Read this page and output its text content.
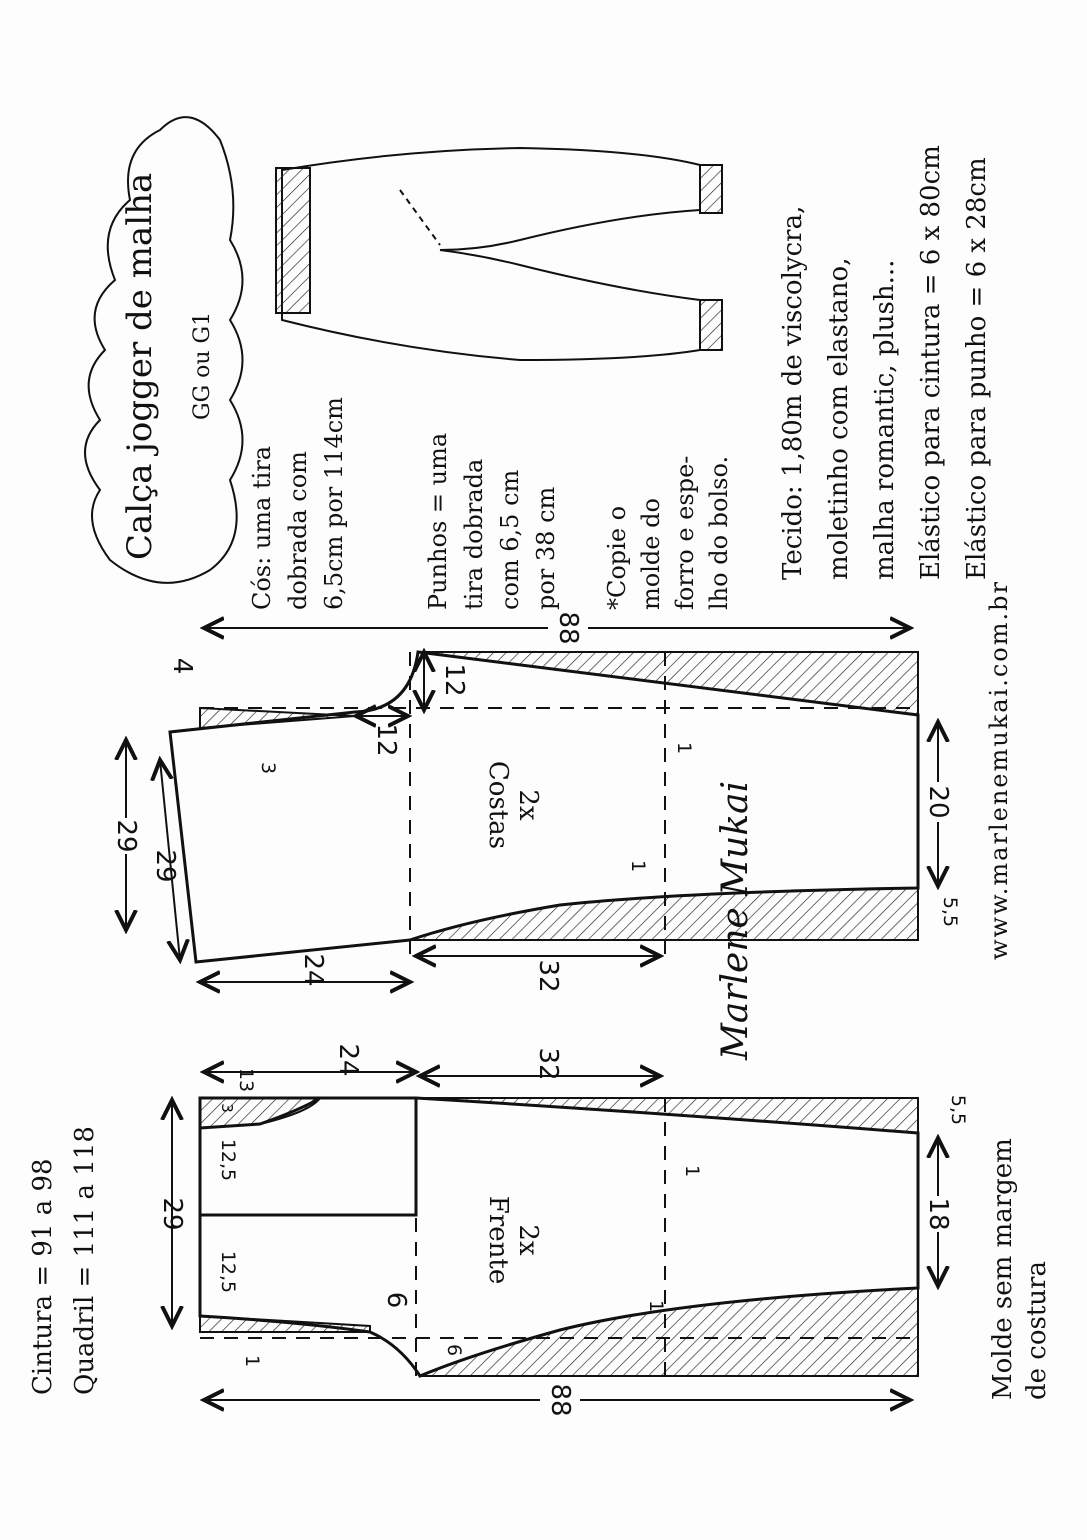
Frente 2x
Costas 2x
88
88
29
12,5
12,5
3
24
13	32
6
6
18
5,5
29
29
4
24	32
12
12
20
5,5
1
1
1
1
1
3
Calça jogger de malha GG ou G1
Cintura = 91 a 98 Quadril = 111 a 118	Molde sem margem de costura
Cós: uma tira dobrada com 6,5cm por 114cm	Punhos = uma tira dobrada com 6,5 cm por 38 cm *Copie o molde do forro e espe- lho do bolso.	Tecido: 1,80m de viscolycra, moletinho com elastano, malha romantic, plush... Elástico para cintura = 6 x 80cm Elástico para punho = 6 x 28cm
www.marlenemukai.com.br
Marlene Mukai
